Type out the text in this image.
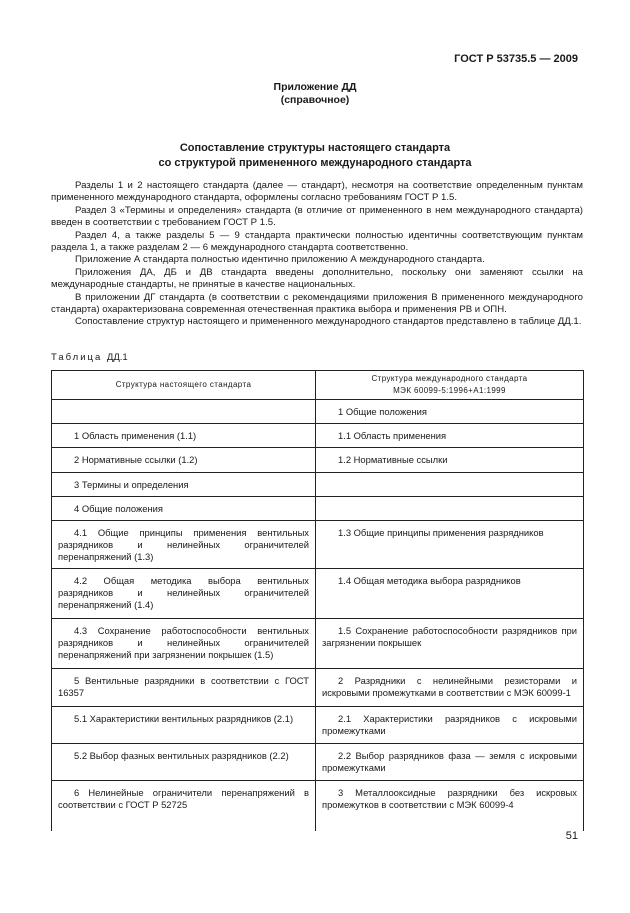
ГОСТ Р 53735.5 — 2009
Приложение ДД
(справочное)
Сопоставление структуры настоящего стандарта
со структурой примененного международного стандарта

Разделы 1 и 2 настоящего стандарта (далее — стандарт), несмотря на соответствие определенным пунктам примененного международного стандарта, оформлены согласно требованиям ГОСТ Р 1.5.

Раздел 3 «Термины и определения» стандарта (в отличие от примененного в нем международного стандарта) введен в соответствии с требованием ГОСТ Р 1.5.

Раздел 4, а также разделы 5 — 9 стандарта практически полностью идентичны соответствующим пунктам раздела 1, а также разделам 2 — 6 международного стандарта соответственно.

Приложение А стандарта полностью идентично приложению А международного стандарта.

Приложения ДА, ДБ и ДВ стандарта введены дополнительно, поскольку они заменяют ссылки на международные стандарты, не принятые в качестве национальных.

В приложении ДГ стандарта (в соответствии с рекомендациями приложения В примененного международного стандарта) охарактеризована современная отечественная практика выбора и применения РВ и ОПН.

Сопоставление структур настоящего и примененного международного стандартов представлено в таблице ДД.1.

Таблица ДД.1
Структура настоящего стандарта	Структура международного стандарта
МЭК 60099-5:1996+А1:1999

	1 Общие положения
1 Область применения (1.1)	1.1 Область применения
2 Нормативные ссылки (1.2)	1.2 Нормативные ссылки
3 Термины и определения	
4 Общие положения	
4.1 Общие принципы применения вентильных разрядников и нелинейных ограничителей перенапряжений (1.3)	1.3 Общие принципы применения разрядников
4.2 Общая методика выбора вентильных разрядников и нелинейных ограничителей перенапряжений (1.4)	1.4 Общая методика выбора разрядников
4.3 Сохранение работоспособности вентильных разрядников и нелинейных ограничителей перенапряжений при загрязнении покрышек (1.5)	1.5 Сохранение работоспособности разрядников при загрязнении покрышек
5 Вентильные разрядники в соответствии с ГОСТ 16357	2 Разрядники с нелинейными резисторами и искровыми промежутками в соответствии с МЭК 60099-1
5.1 Характеристики вентильных разрядников (2.1)	2.1 Характеристики разрядников с искровыми промежутками
5.2 Выбор фазных вентильных разрядников (2.2)	2.2 Выбор разрядников фаза — земля с искровыми промежутками
6 Нелинейные ограничители перенапряжений в соответствии с ГОСТ Р 52725	3 Металлооксидные разрядники без искровых промежутков в соответствии с МЭК 60099-4
51
